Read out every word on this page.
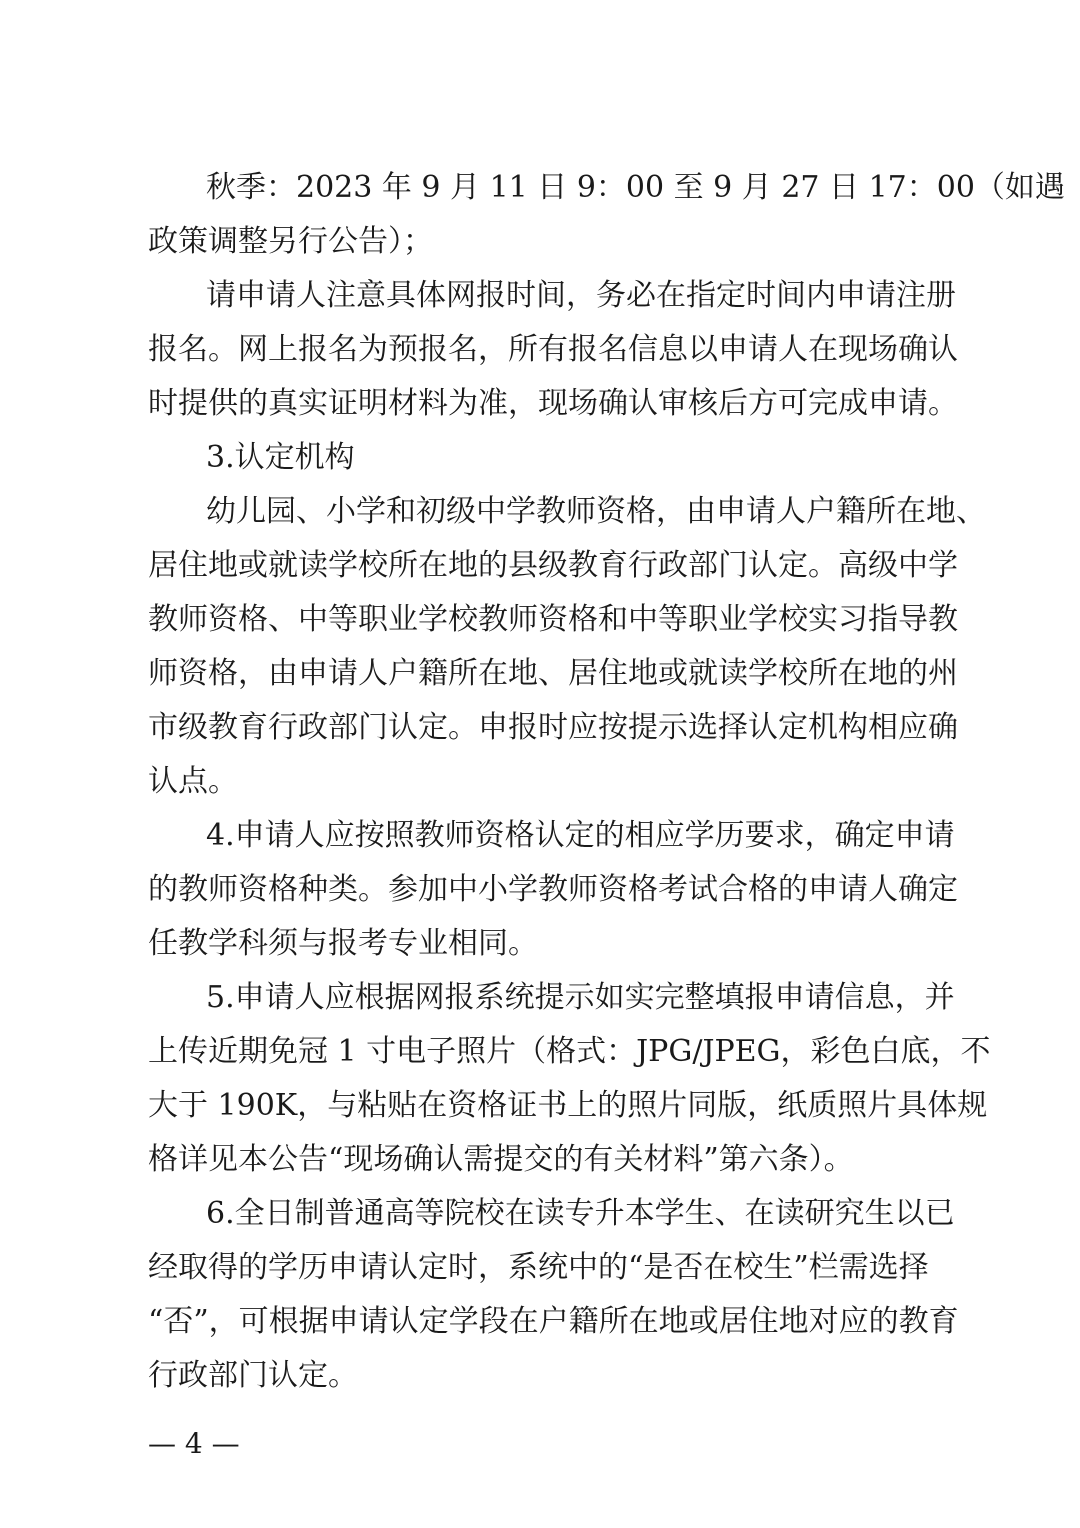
秋季：2023 年 9 月 11 日 9：00 至 9 月 27 日 17：00（如遇
政策调整另行公告）；
请申请人注意具体网报时间，务必在指定时间内申请注册
报名。网上报名为预报名，所有报名信息以申请人在现场确认
时提供的真实证明材料为准，现场确认审核后方可完成申请。
3.认定机构
幼儿园、小学和初级中学教师资格，由申请人户籍所在地、
居住地或就读学校所在地的县级教育行政部门认定。高级中学
教师资格、中等职业学校教师资格和中等职业学校实习指导教
师资格，由申请人户籍所在地、居住地或就读学校所在地的州
市级教育行政部门认定。申报时应按提示选择认定机构相应确
认点。
4.申请人应按照教师资格认定的相应学历要求，确定申请
的教师资格种类。参加中小学教师资格考试合格的申请人确定
任教学科须与报考专业相同。
5.申请人应根据网报系统提示如实完整填报申请信息，并
上传近期免冠 1 寸电子照片（格式：JPG/JPEG，彩色白底，不
大于 190K，与粘贴在资格证书上的照片同版，纸质照片具体规
格详见本公告“现场确认需提交的有关材料”第六条）。
6.全日制普通高等院校在读专升本学生、在读研究生以已
经取得的学历申请认定时，系统中的“是否在校生”栏需选择
“否”，可根据申请认定学段在户籍所在地或居住地对应的教育
行政部门认定。
— 4 —
